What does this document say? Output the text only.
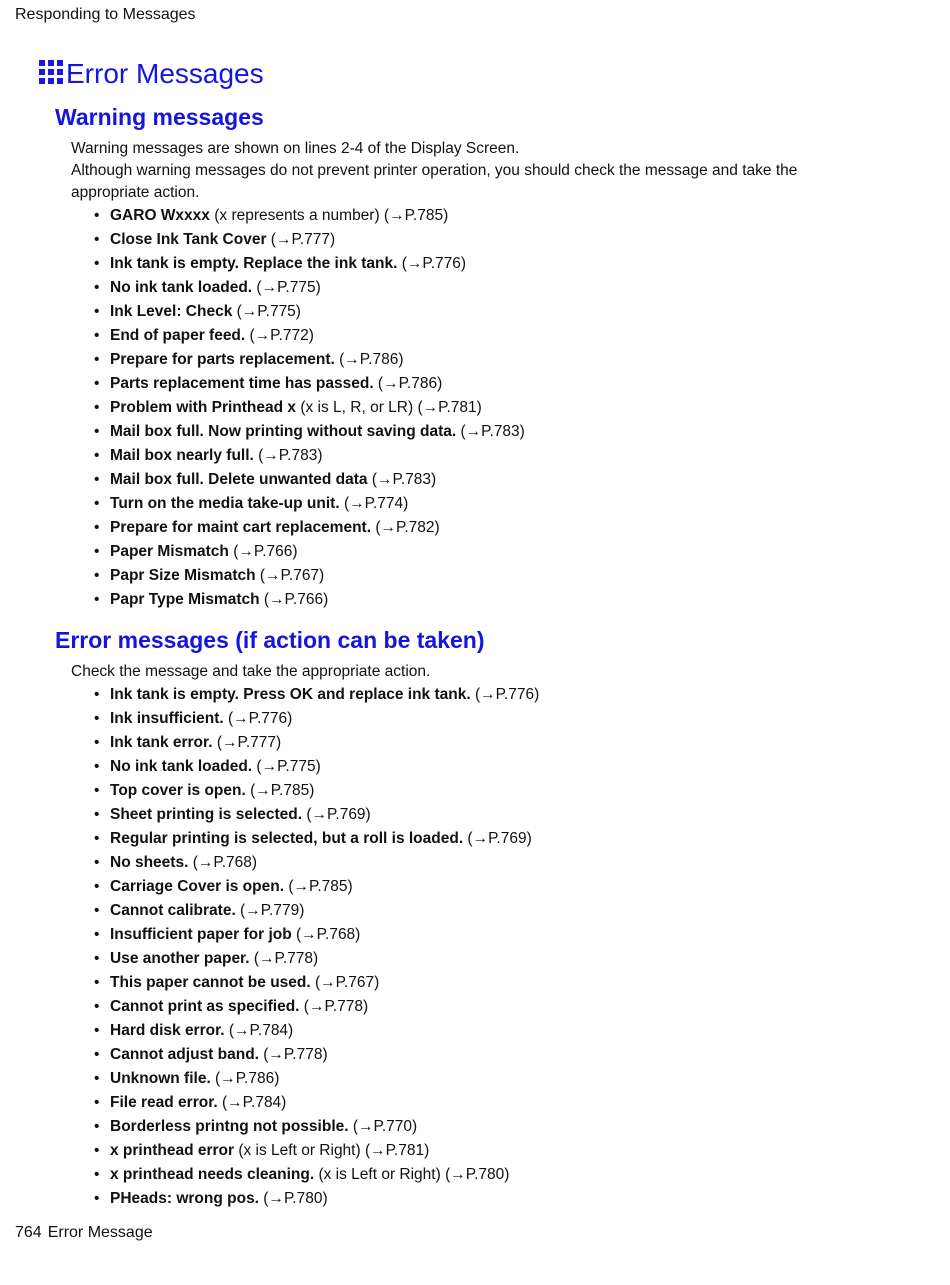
Responding to Messages
Error Messages
Warning messages

Warning messages are shown on lines 2-4 of the Display Screen.

Although warning messages do not prevent printer operation, you should check the message and take the appropriate action.

• GARO Wxxxx (x represents a number) (→P.785)
• Close Ink Tank Cover (→P.777)
• Ink tank is empty. Replace the ink tank. (→P.776)
• No ink tank loaded. (→P.775)
• Ink Level: Check (→P.775)
• End of paper feed. (→P.772)
• Prepare for parts replacement. (→P.786)
• Parts replacement time has passed. (→P.786)
• Problem with Printhead x (x is L, R, or LR) (→P.781)
• Mail box full. Now printing without saving data. (→P.783)
• Mail box nearly full. (→P.783)
• Mail box full. Delete unwanted data (→P.783)
• Turn on the media take-up unit. (→P.774)
• Prepare for maint cart replacement. (→P.782)
• Paper Mismatch (→P.766)
• Papr Size Mismatch (→P.767)
• Papr Type Mismatch (→P.766)
Error messages (if action can be taken)

Check the message and take the appropriate action.

• Ink tank is empty. Press OK and replace ink tank. (→P.776)
• Ink insufficient. (→P.776)
• Ink tank error. (→P.777)
• No ink tank loaded. (→P.775)
• Top cover is open. (→P.785)
• Sheet printing is selected. (→P.769)
• Regular printing is selected, but a roll is loaded. (→P.769)
• No sheets. (→P.768)
• Carriage Cover is open. (→P.785)
• Cannot calibrate. (→P.779)
• Insufficient paper for job (→P.768)
• Use another paper. (→P.778)
• This paper cannot be used. (→P.767)
• Cannot print as specified. (→P.778)
• Hard disk error. (→P.784)
• Cannot adjust band. (→P.778)
• Unknown file. (→P.786)
• File read error. (→P.784)
• Borderless printng not possible. (→P.770)
• x printhead error (x is Left or Right) (→P.781)
• x printhead needs cleaning. (x is Left or Right) (→P.780)
• PHeads: wrong pos. (→P.780)
764 Error Message
